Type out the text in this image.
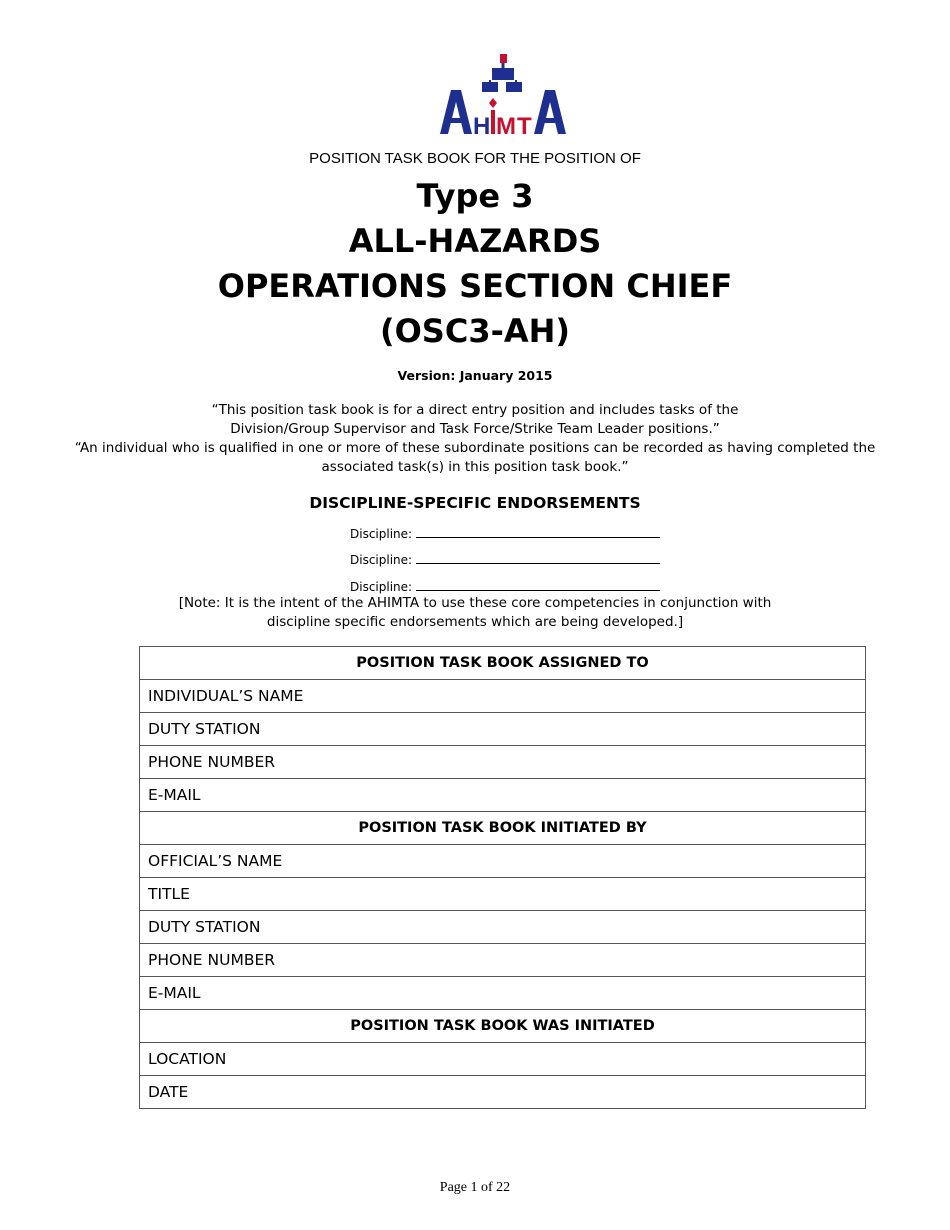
H M T
POSITION TASK BOOK FOR THE POSITION OF
Type 3
ALL-HAZARDS
OPERATIONS SECTION CHIEF
(OSC3-AH)
Version: January 2015
“This position task book is for a direct entry position and includes tasks of the
Division/Group Supervisor and Task Force/Strike Team Leader positions.”
“An individual who is qualified in one or more of these subordinate positions can be recorded as having completed the
associated task(s) in this position task book.”
DISCIPLINE-SPECIFIC ENDORSEMENTS
Discipline:
Discipline:
Discipline:
[Note: It is the intent of the AHIMTA to use these core competencies in conjunction with
discipline specific endorsements which are being developed.]
POSITION TASK BOOK ASSIGNED TO
INDIVIDUAL’S NAME
DUTY STATION
PHONE NUMBER
E-MAIL
POSITION TASK BOOK INITIATED BY
OFFICIAL’S NAME
TITLE
DUTY STATION
PHONE NUMBER
E-MAIL
POSITION TASK BOOK WAS INITIATED
LOCATION
DATE
Page 1 of 22
